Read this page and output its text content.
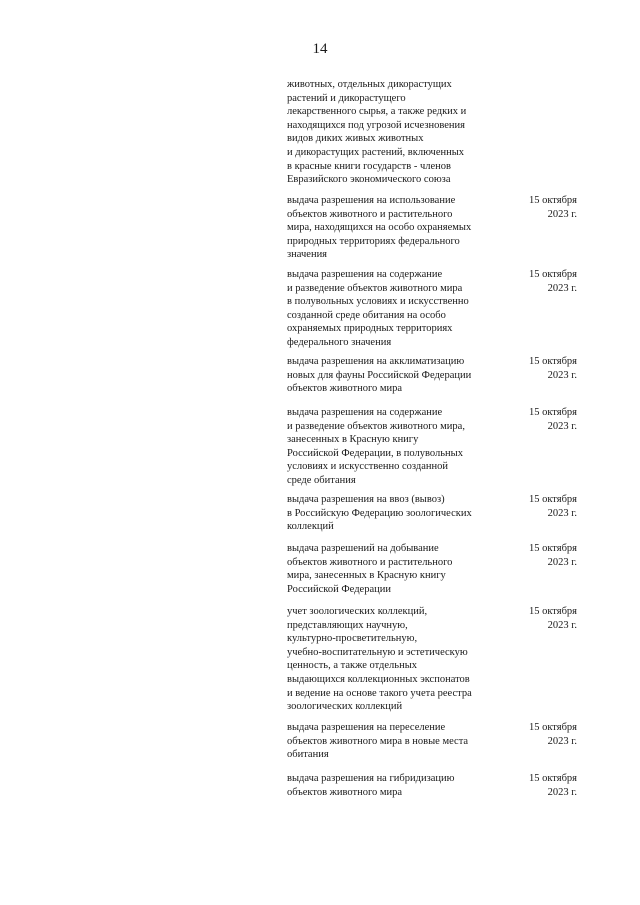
14
животных, отдельных дикорастущих
растений и дикорастущего
лекарственного сырья, а также редких и
находящихся под угрозой исчезновения
видов диких живых животных
и дикорастущих растений, включенных
в красные книги государств - членов
Евразийского экономического союза
выдача разрешения на использование
объектов животного и растительного
мира, находящихся на особо охраняемых
природных территориях федерального
значения
15 октября
2023 г.
выдача разрешения на содержание
и разведение объектов животного мира
в полувольных условиях и искусственно
созданной среде обитания на особо
охраняемых природных территориях
федерального значения
15 октября
2023 г.
выдача разрешения на акклиматизацию
новых для фауны Российской Федерации
объектов животного мира
15 октября
2023 г.
выдача разрешения на содержание
и разведение объектов животного мира,
занесенных в Красную книгу
Российской Федерации, в полувольных
условиях и искусственно созданной
среде обитания
15 октября
2023 г.
выдача разрешения на ввоз (вывоз)
в Российскую Федерацию зоологических
коллекций
15 октября
2023 г.
выдача разрешений на добывание
объектов животного и растительного
мира, занесенных в Красную книгу
Российской Федерации
15 октября
2023 г.
учет зоологических коллекций,
представляющих научную,
культурно-просветительную,
учебно-воспитательную и эстетическую
ценность, а также отдельных
выдающихся коллекционных экспонатов
и ведение на основе такого учета реестра
зоологических коллекций
15 октября
2023 г.
выдача разрешения на переселение
объектов животного мира в новые места
обитания
15 октября
2023 г.
выдача разрешения на гибридизацию
объектов животного мира
15 октября
2023 г.
